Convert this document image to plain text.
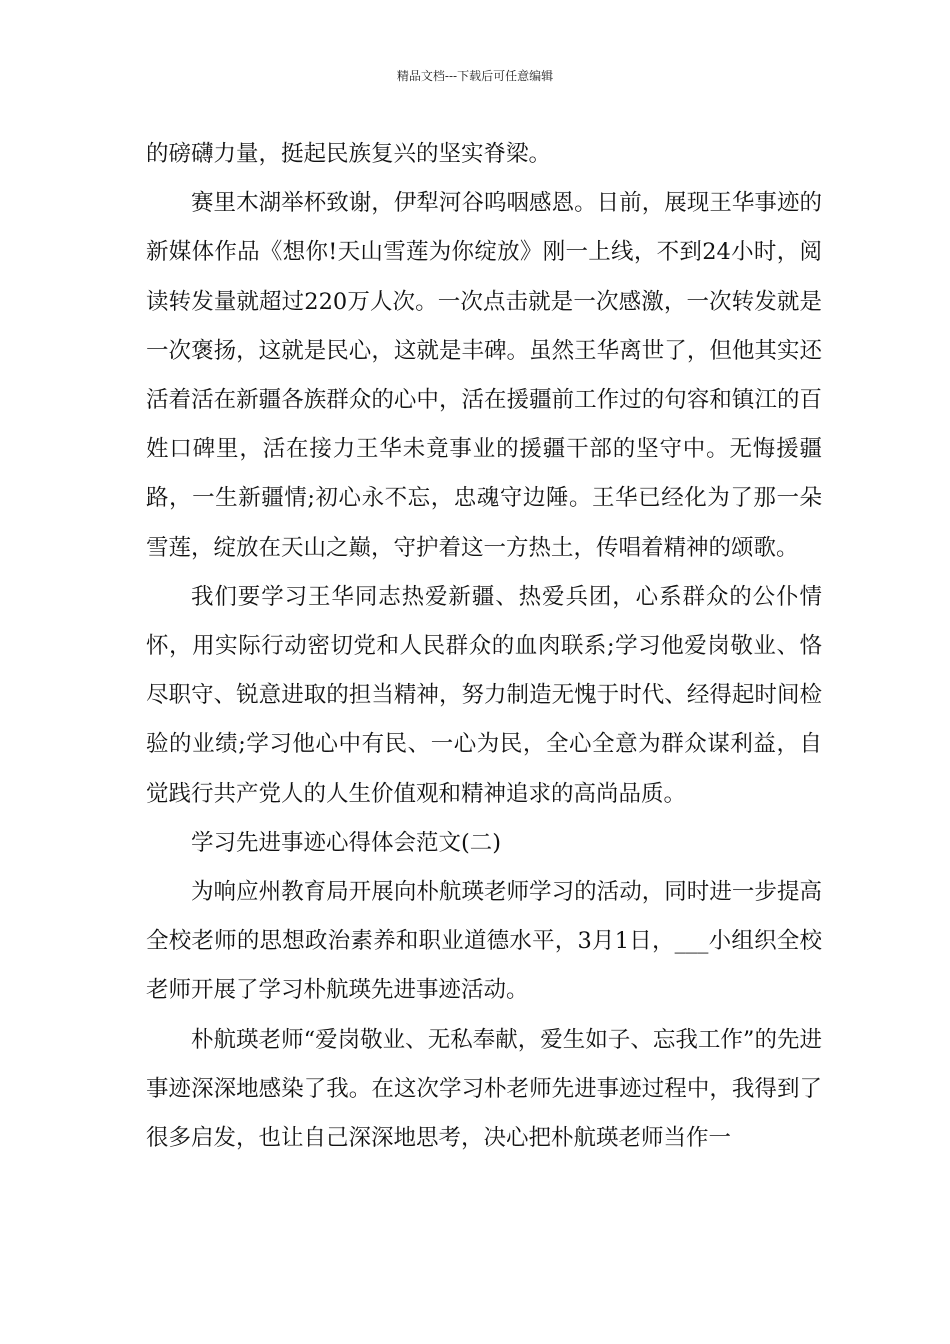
精品文档---下载后可任意编辑

的磅礴力量，挺起民族复兴的坚实脊梁。

赛里木湖举杯致谢，伊犁河谷呜咽感恩。日前，展现王华事迹的新媒体作品《想你!天山雪莲为你绽放》刚一上线，不到24小时，阅读转发量就超过220万人次。一次点击就是一次感激，一次转发就是一次褒扬，这就是民心，这就是丰碑。虽然王华离世了，但他其实还活着活在新疆各族群众的心中，活在援疆前工作过的句容和镇江的百姓口碑里，活在接力王华未竟事业的援疆干部的坚守中。无悔援疆路，一生新疆情;初心永不忘，忠魂守边陲。王华已经化为了那一朵雪莲，绽放在天山之巅，守护着这一方热土，传唱着精神的颂歌。

我们要学习王华同志热爱新疆、热爱兵团，心系群众的公仆情怀，用实际行动密切党和人民群众的血肉联系;学习他爱岗敬业、恪尽职守、锐意进取的担当精神，努力制造无愧于时代、经得起时间检验的业绩;学习他心中有民、一心为民，全心全意为群众谋利益，自觉践行共产党人的人生价值观和精神追求的高尚品质。

学习先进事迹心得体会范文(二)

为响应州教育局开展向朴航瑛老师学习的活动，同时进一步提高全校老师的思想政治素养和职业道德水平，3月1日，___小组织全校老师开展了学习朴航瑛先进事迹活动。

朴航瑛老师“爱岗敬业、无私奉献，爱生如子、忘我工作”的先进事迹深深地感染了我。在这次学习朴老师先进事迹过程中，我得到了很多启发，也让自己深深地思考，决心把朴航瑛老师当作一
